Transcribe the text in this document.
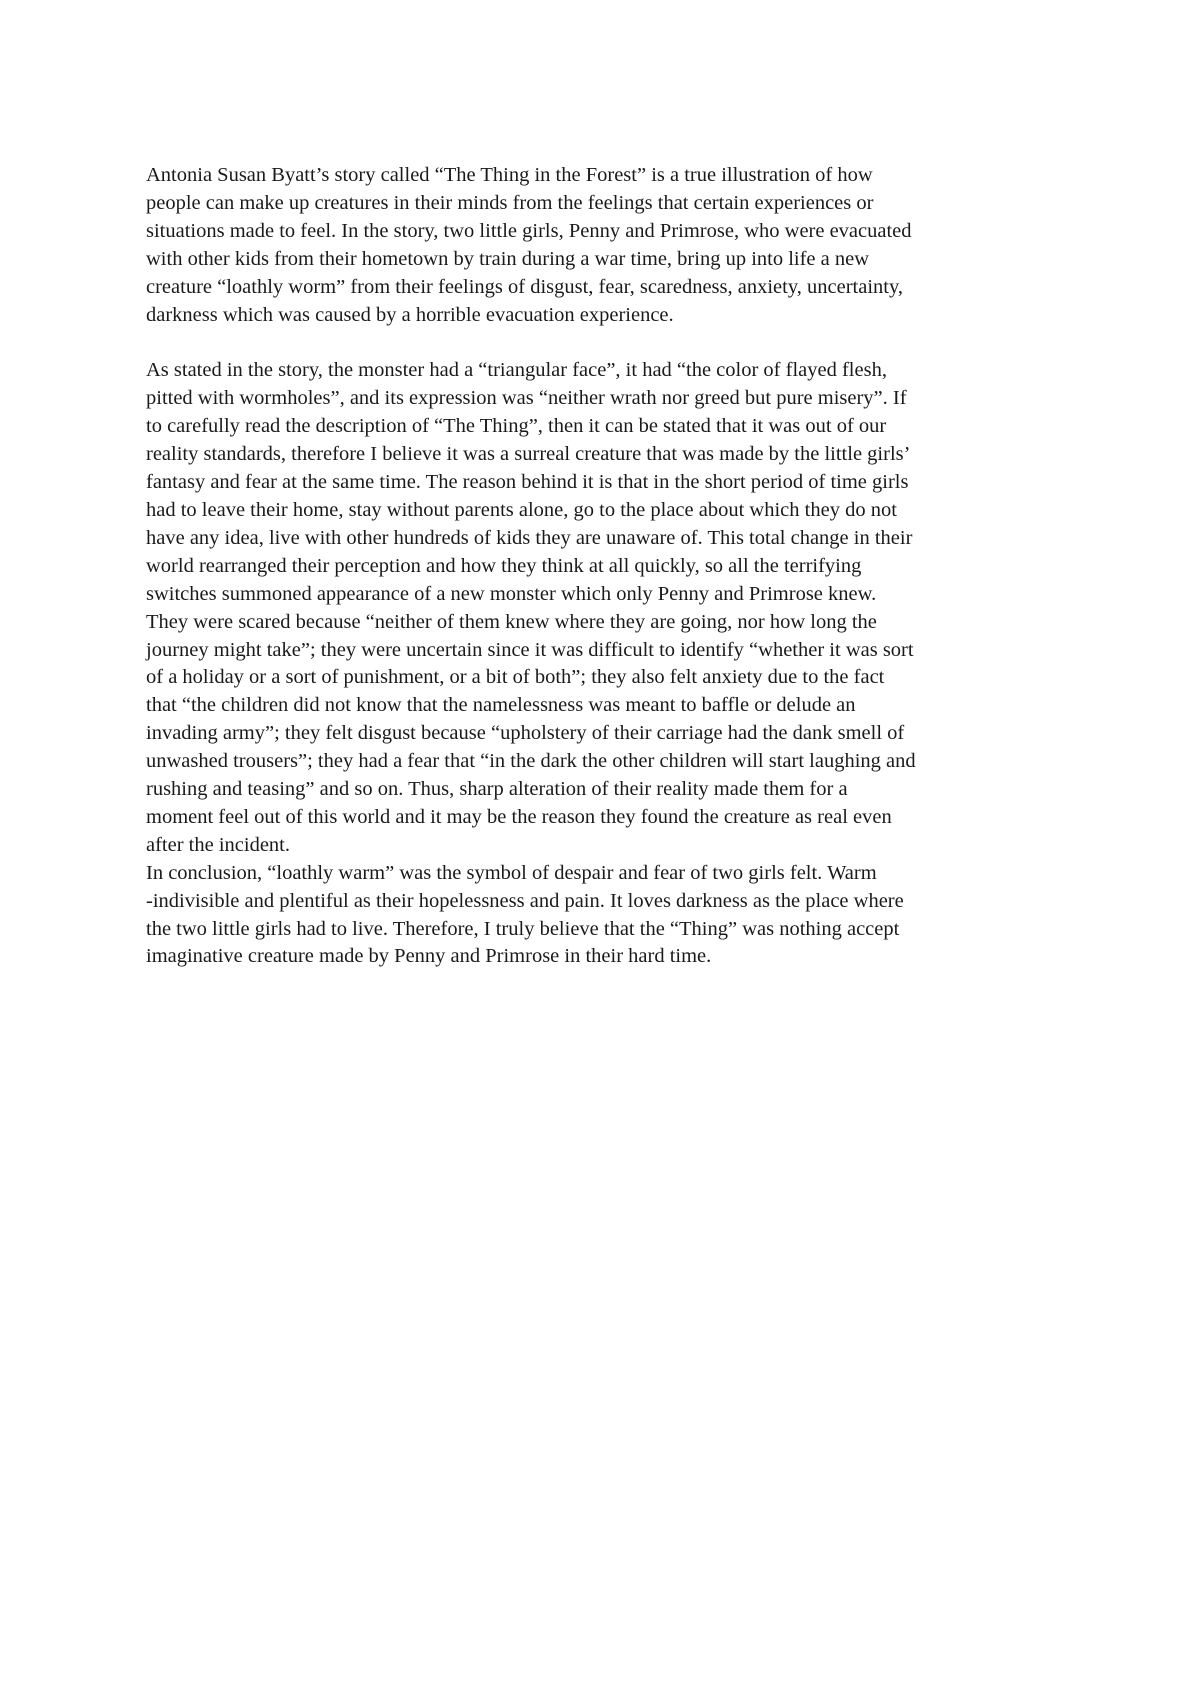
Antonia Susan Byatt’s story called “The Thing in the Forest” is a true illustration of how
people can make up creatures in their minds from the feelings that certain experiences or
situations made to feel. In the story, two little girls, Penny and Primrose, who were evacuated
with other kids from their hometown by train during a war time, bring up into life a new
creature “loathly worm” from their feelings of disgust, fear, scaredness, anxiety, uncertainty,
darkness which was caused by a horrible evacuation experience.

As stated in the story, the monster had a “triangular face”, it had “the color of flayed flesh,
pitted with wormholes”, and its expression was “neither wrath nor greed but pure misery”. If
to carefully read the description of “The Thing”, then it can be stated that it was out of our
reality standards, therefore I believe it was a surreal creature that was made by the little girls’
fantasy and fear at the same time. The reason behind it is that in the short period of time girls
had to leave their home, stay without parents alone, go to the place about which they do not
have any idea, live with other hundreds of kids they are unaware of. This total change in their
world rearranged their perception and how they think at all quickly, so all the terrifying
switches summoned appearance of a new monster which only Penny and Primrose knew.
They were scared because “neither of them knew where they are going, nor how long the
journey might take”; they were uncertain since it was difficult to identify “whether it was sort
of a holiday or a sort of punishment, or a bit of both”; they also felt anxiety due to the fact
that “the children did not know that the namelessness was meant to baffle or delude an
invading army”; they felt disgust because “upholstery of their carriage had the dank smell of
unwashed trousers”; they had a fear that “in the dark the other children will start laughing and
rushing and teasing” and so on. Thus, sharp alteration of their reality made them for a
moment feel out of this world and it may be the reason they found the creature as real even
after the incident.

In conclusion, “loathly warm” was the symbol of despair and fear of two girls felt. Warm
-indivisible and plentiful as their hopelessness and pain. It loves darkness as the place where
the two little girls had to live. Therefore, I truly believe that the “Thing” was nothing accept
imaginative creature made by Penny and Primrose in their hard time.
